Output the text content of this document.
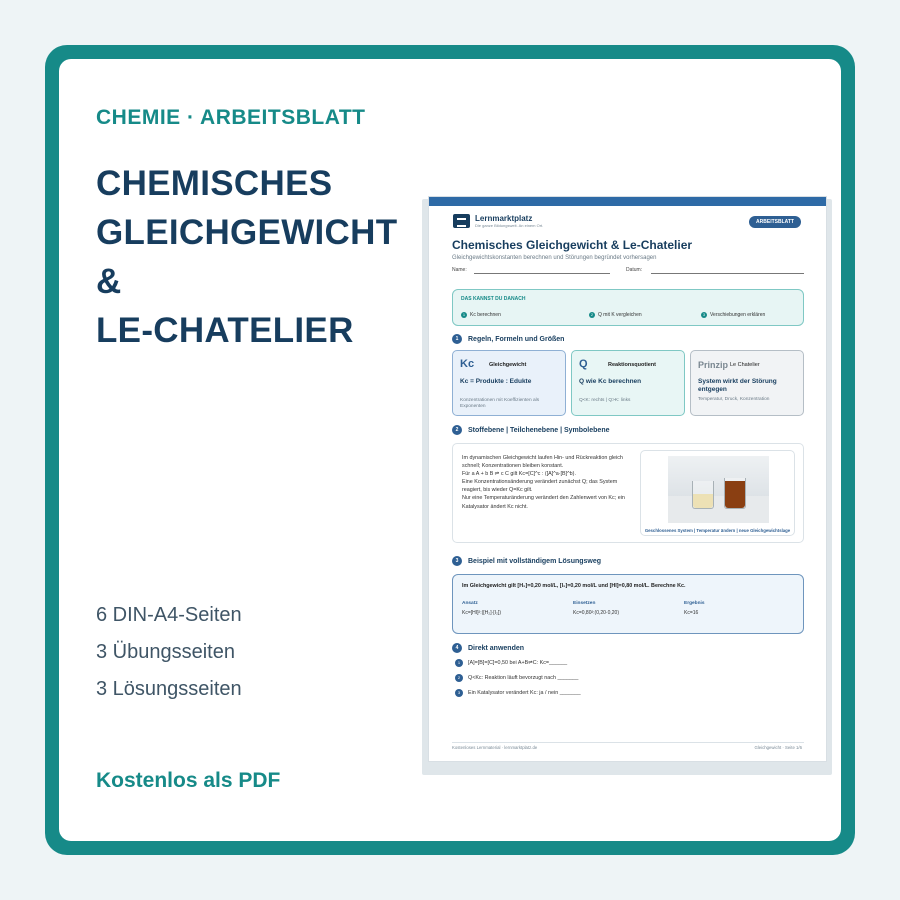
CHEMIE · ARBEITSBLATT
CHEMISCHES
GLEICHGEWICHT &
LE-CHATELIER
6 DIN-A4-Seiten
3 Übungsseiten
3 Lösungsseiten
Kostenlos als PDF
Lernmarktplatz
Die ganze Bildungswelt. An einem Ort.
ARBEITSBLATT
Chemisches Gleichgewicht & Le-Chatelier
Gleichgewichtskonstanten berechnen und Störungen begründet vorhersagen
Name:	Datum:
DAS KANNST DU DANACH
1	Kc berechnen	2	Q mit K vergleichen	3	Verschiebungen erklären
1	Regeln, Formeln und Größen
Kc	Gleichgewicht
Kc = Produkte : Edukte
Konzentrationen mit Koeffizienten als Exponenten
Q	Reaktionsquotient
Q wie Kc berechnen
Q<K: rechts | Q>K: links
Prinzip Le Chatelier
System wirkt der Störung entgegen
Temperatur, Druck, Konzentration
2	Stoffebene | Teilchenebene | Symbolebene
Im dynamischen Gleichgewicht laufen Hin- und Rückreaktion gleich
schnell; Konzentrationen bleiben konstant.
Für a A + b B ⇌ c C gilt Kc=[C]^c : ([A]^a·[B]^b).
Eine Konzentrationsänderung verändert zunächst Q; das System
reagiert, bis wieder Q=Kc gilt.
Nur eine Temperaturänderung verändert den Zahlenwert von Kc; ein
Katalysator ändert Kc nicht.
Geschlossenes System | Temperatur ändern | neue Gleichgewichtslage
3	Beispiel mit vollständigem Lösungsweg
Im Gleichgewicht gilt [H₂]=0,20 mol/L, [I₂]=0,20 mol/L und [HI]=0,80 mol/L. Berechne Kc.
Ansatz
Kc=[HI]²:([H₂]·[I₂])
Einsetzen
Kc=0,80²:(0,20·0,20)
Ergebnis
Kc=16
4	Direkt anwenden
1	[A]=[B]=[C]=0,50 bei A+B⇌C: Kc=______
2	Q<Kc: Reaktion läuft bevorzugt nach _______
3	Ein Katalysator verändert Kc: ja / nein _______
Kostenloses Lernmaterial · lernmarktplatz.de	Gleichgewicht · Seite 1/6
